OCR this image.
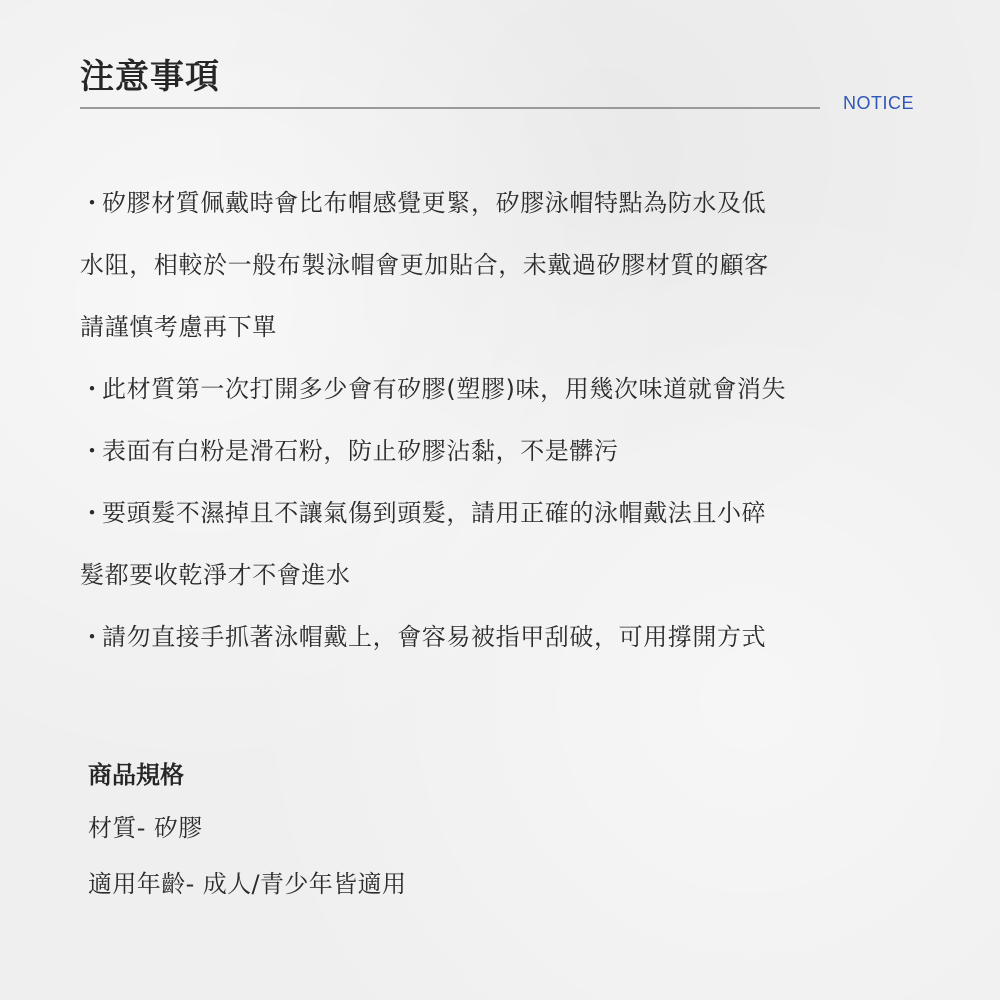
注意事項
NOTICE
・矽膠材質佩戴時會比布帽感覺更緊，矽膠泳帽特點為防水及低
水阻，相較於一般布製泳帽會更加貼合，未戴過矽膠材質的顧客
請謹慎考慮再下單
・此材質第一次打開多少會有矽膠(塑膠)味，用幾次味道就會消失
・表面有白粉是滑石粉，防止矽膠沾黏，不是髒污
・要頭髮不濕掉且不讓氣傷到頭髮，請用正確的泳帽戴法且小碎
髮都要收乾淨才不會進水
・請勿直接手抓著泳帽戴上，會容易被指甲刮破，可用撐開方式
商品規格

材質- 矽膠

適用年齡- 成人/青少年皆適用
